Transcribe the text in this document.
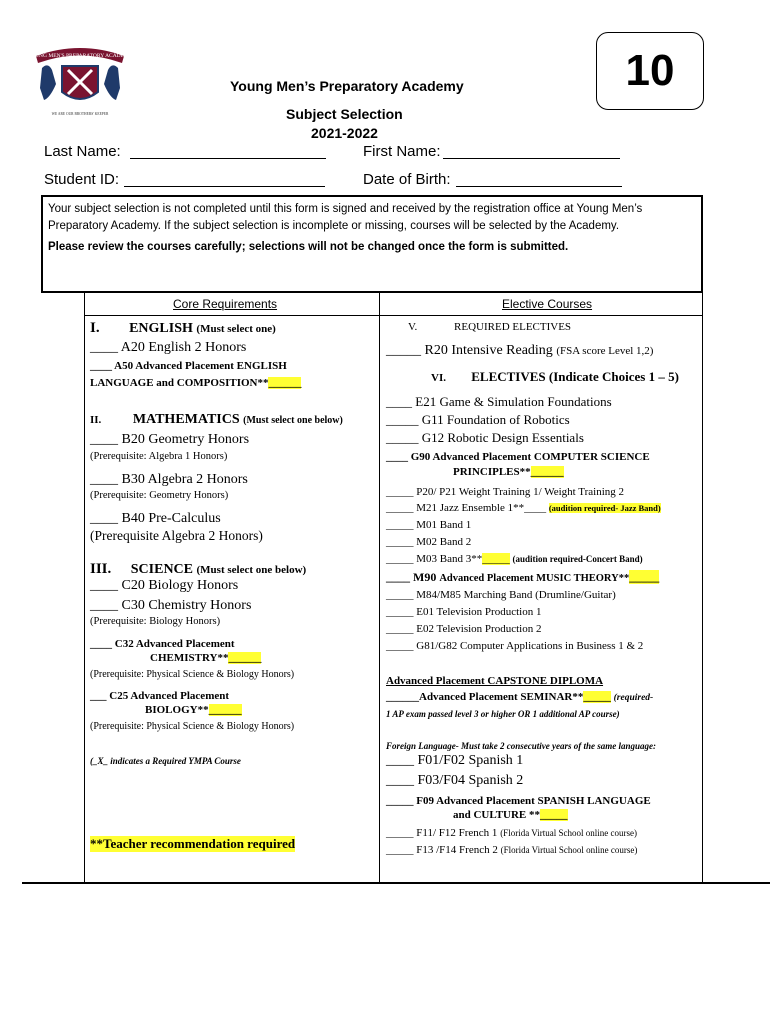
YOUNG MEN'S PREPARATORY ACADEMY
WE ARE OUR BROTHERS' KEEPER
10
Young Men’s Preparatory Academy
Subject Selection
2021-2022
Last Name:	First Name:
Student ID:	Date of Birth:
Your subject selection is not completed until this form is signed and received by the registration office at Young Men’s Preparatory Academy. If the subject selection is incomplete or missing, courses will be selected by the Academy.
Please review the courses carefully; selections will not be changed once the form is submitted.
Core Requirements	Elective Courses
I. ENGLISH (Must select one)
____ A20 English 2 Honors
____ A50 Advanced Placement ENGLISH
LANGUAGE and COMPOSITION**______
II. MATHEMATICS (Must select one below)
____ B20 Geometry Honors
(Prerequisite: Algebra 1 Honors)
____ B30 Algebra 2 Honors
(Prerequisite: Geometry Honors)
____ B40 Pre-Calculus
(Prerequisite Algebra 2 Honors)
III. SCIENCE (Must select one below)
____ C20 Biology Honors
____ C30 Chemistry Honors
(Prerequisite: Biology Honors)
____ C32 Advanced Placement
CHEMISTRY**______
(Prerequisite: Physical Science & Biology Honors)
___ C25 Advanced Placement
BIOLOGY**______
(Prerequisite: Physical Science & Biology Honors)
(_X_ indicates a Required YMPA Course
**Teacher recommendation required
V.	REQUIRED ELECTIVES
_____ R20 Intensive Reading (FSA score Level 1,2)
VI. ELECTIVES (Indicate Choices 1 – 5)
____ E21 Game & Simulation Foundations
_____ G11 Foundation of Robotics
_____ G12 Robotic Design Essentials
____ G90 Advanced Placement COMPUTER SCIENCE
PRINCIPLES**______
_____ P20/ P21 Weight Training 1/ Weight Training 2
_____ M21 Jazz Ensemble 1**____ (audition required- Jazz Band)
_____ M01 Band 1
_____ M02 Band 2
_____ M03 Band 3**_____ (audition required-Concert Band)
____ M90 Advanced Placement MUSIC THEORY**_____
_____ M84/M85 Marching Band (Drumline/Guitar)
_____ E01 Television Production 1
_____ E02 Television Production 2
_____ G81/G82 Computer Applications in Business 1 & 2
Advanced Placement CAPSTONE DIPLOMA
______Advanced Placement SEMINAR**_____ (required-
1 AP exam passed level 3 or higher OR 1 additional AP course)
Foreign Language- Must take 2 consecutive years of the same language:
____ F01/F02 Spanish 1
____ F03/F04 Spanish 2
_____ F09 Advanced Placement SPANISH LANGUAGE
and CULTURE **_____
_____ F11/ F12 French 1 (Florida Virtual School online course)
_____ F13 /F14 French 2 (Florida Virtual School online course)
